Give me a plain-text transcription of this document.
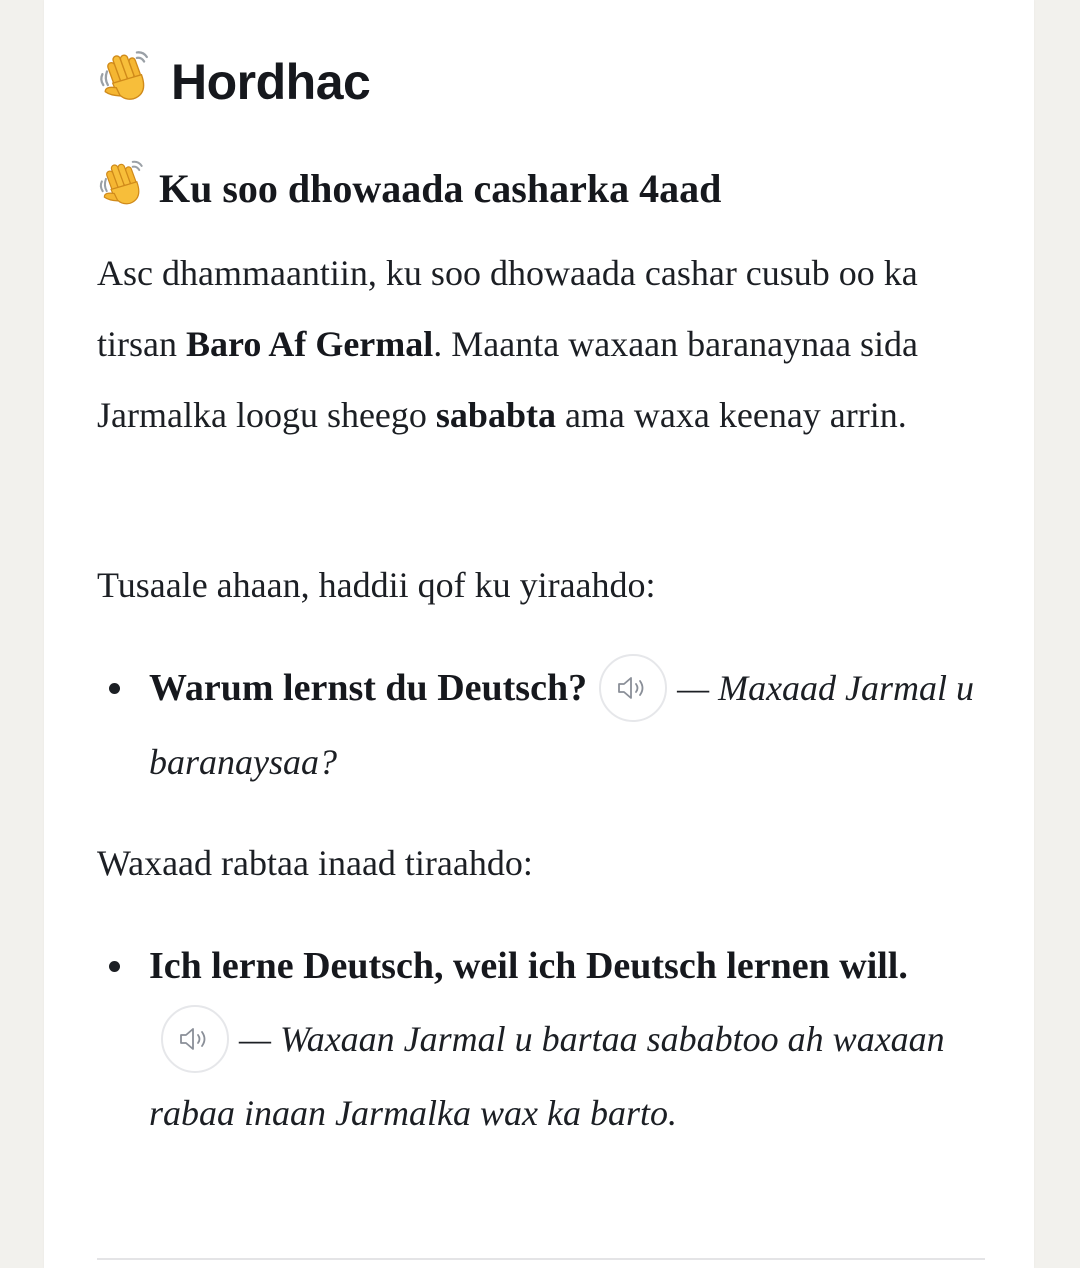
Hordhac
Ku soo dhowaada casharka 4aad

Asc dhammaantiin, ku soo dhowaada cashar cusub oo ka tirsan Baro Af Germal. Maanta waxaan baranaynaa sida Jarmalka loogu sheego sababta ama waxa keenay arrin.

Tusaale ahaan, haddii qof ku yiraahdo:

Warum lernst du Deutsch?	— Maxaad Jarmal u baranaysaa?

Waxaad rabtaa inaad tiraahdo:

Ich lerne Deutsch, weil ich Deutsch lernen will.
— Waxaan Jarmal u bartaa sababtoo ah waxaan rabaa inaan Jarmalka wax ka barto.
